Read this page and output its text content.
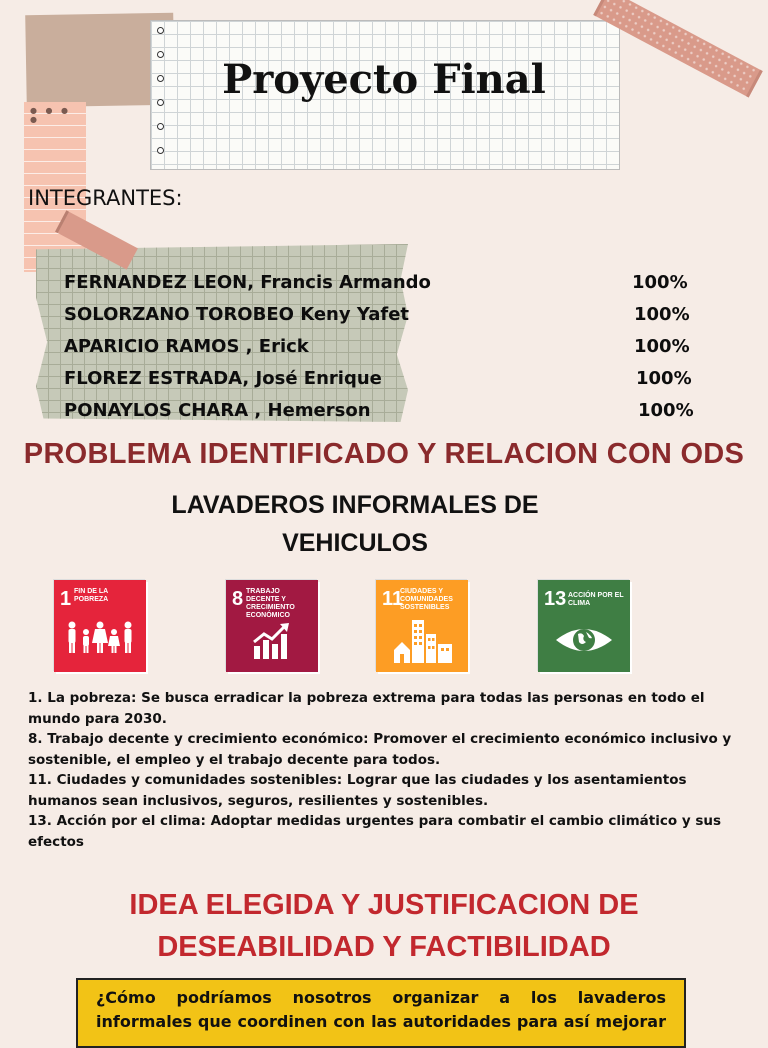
● ● ● ●
Proyecto Final
INTEGRANTES:
FERNANDEZ LEON, Francis Armando	100%
SOLORZANO TOROBEO Keny Yafet	100%
APARICIO RAMOS , Erick	100%
FLOREZ ESTRADA, José Enrique	100%
PONAYLOS CHARA , Hemerson	100%
PROBLEMA IDENTIFICADO Y RELACION CON ODS
LAVADEROS INFORMALES DE VEHICULOS
1 FIN DE LA POBREZA	8 TRABAJO DECENTE Y CRECIMIENTO ECONÓMICO
11
CIUDADES Y COMUNIDADES SOSTENIBLES	13 ACCIÓN POR EL CLIMA

1. La pobreza: Se busca erradicar la pobreza extrema para todas las personas en todo el mundo para 2030.

8. Trabajo decente y crecimiento económico: Promover el crecimiento económico inclusivo y sostenible, el empleo y el trabajo decente para todos.

11. Ciudades y comunidades sostenibles: Lograr que las ciudades y los asentamientos humanos sean inclusivos, seguros, resilientes y sostenibles.

13. Acción por el clima: Adoptar medidas urgentes para combatir el cambio climático y sus efectos

IDEA ELEGIDA Y JUSTIFICACION DE DESEABILIDAD Y FACTIBILIDAD
¿Cómo podríamos nosotros organizar a los lavaderos informales que coordinen con las autoridades para así mejorar
